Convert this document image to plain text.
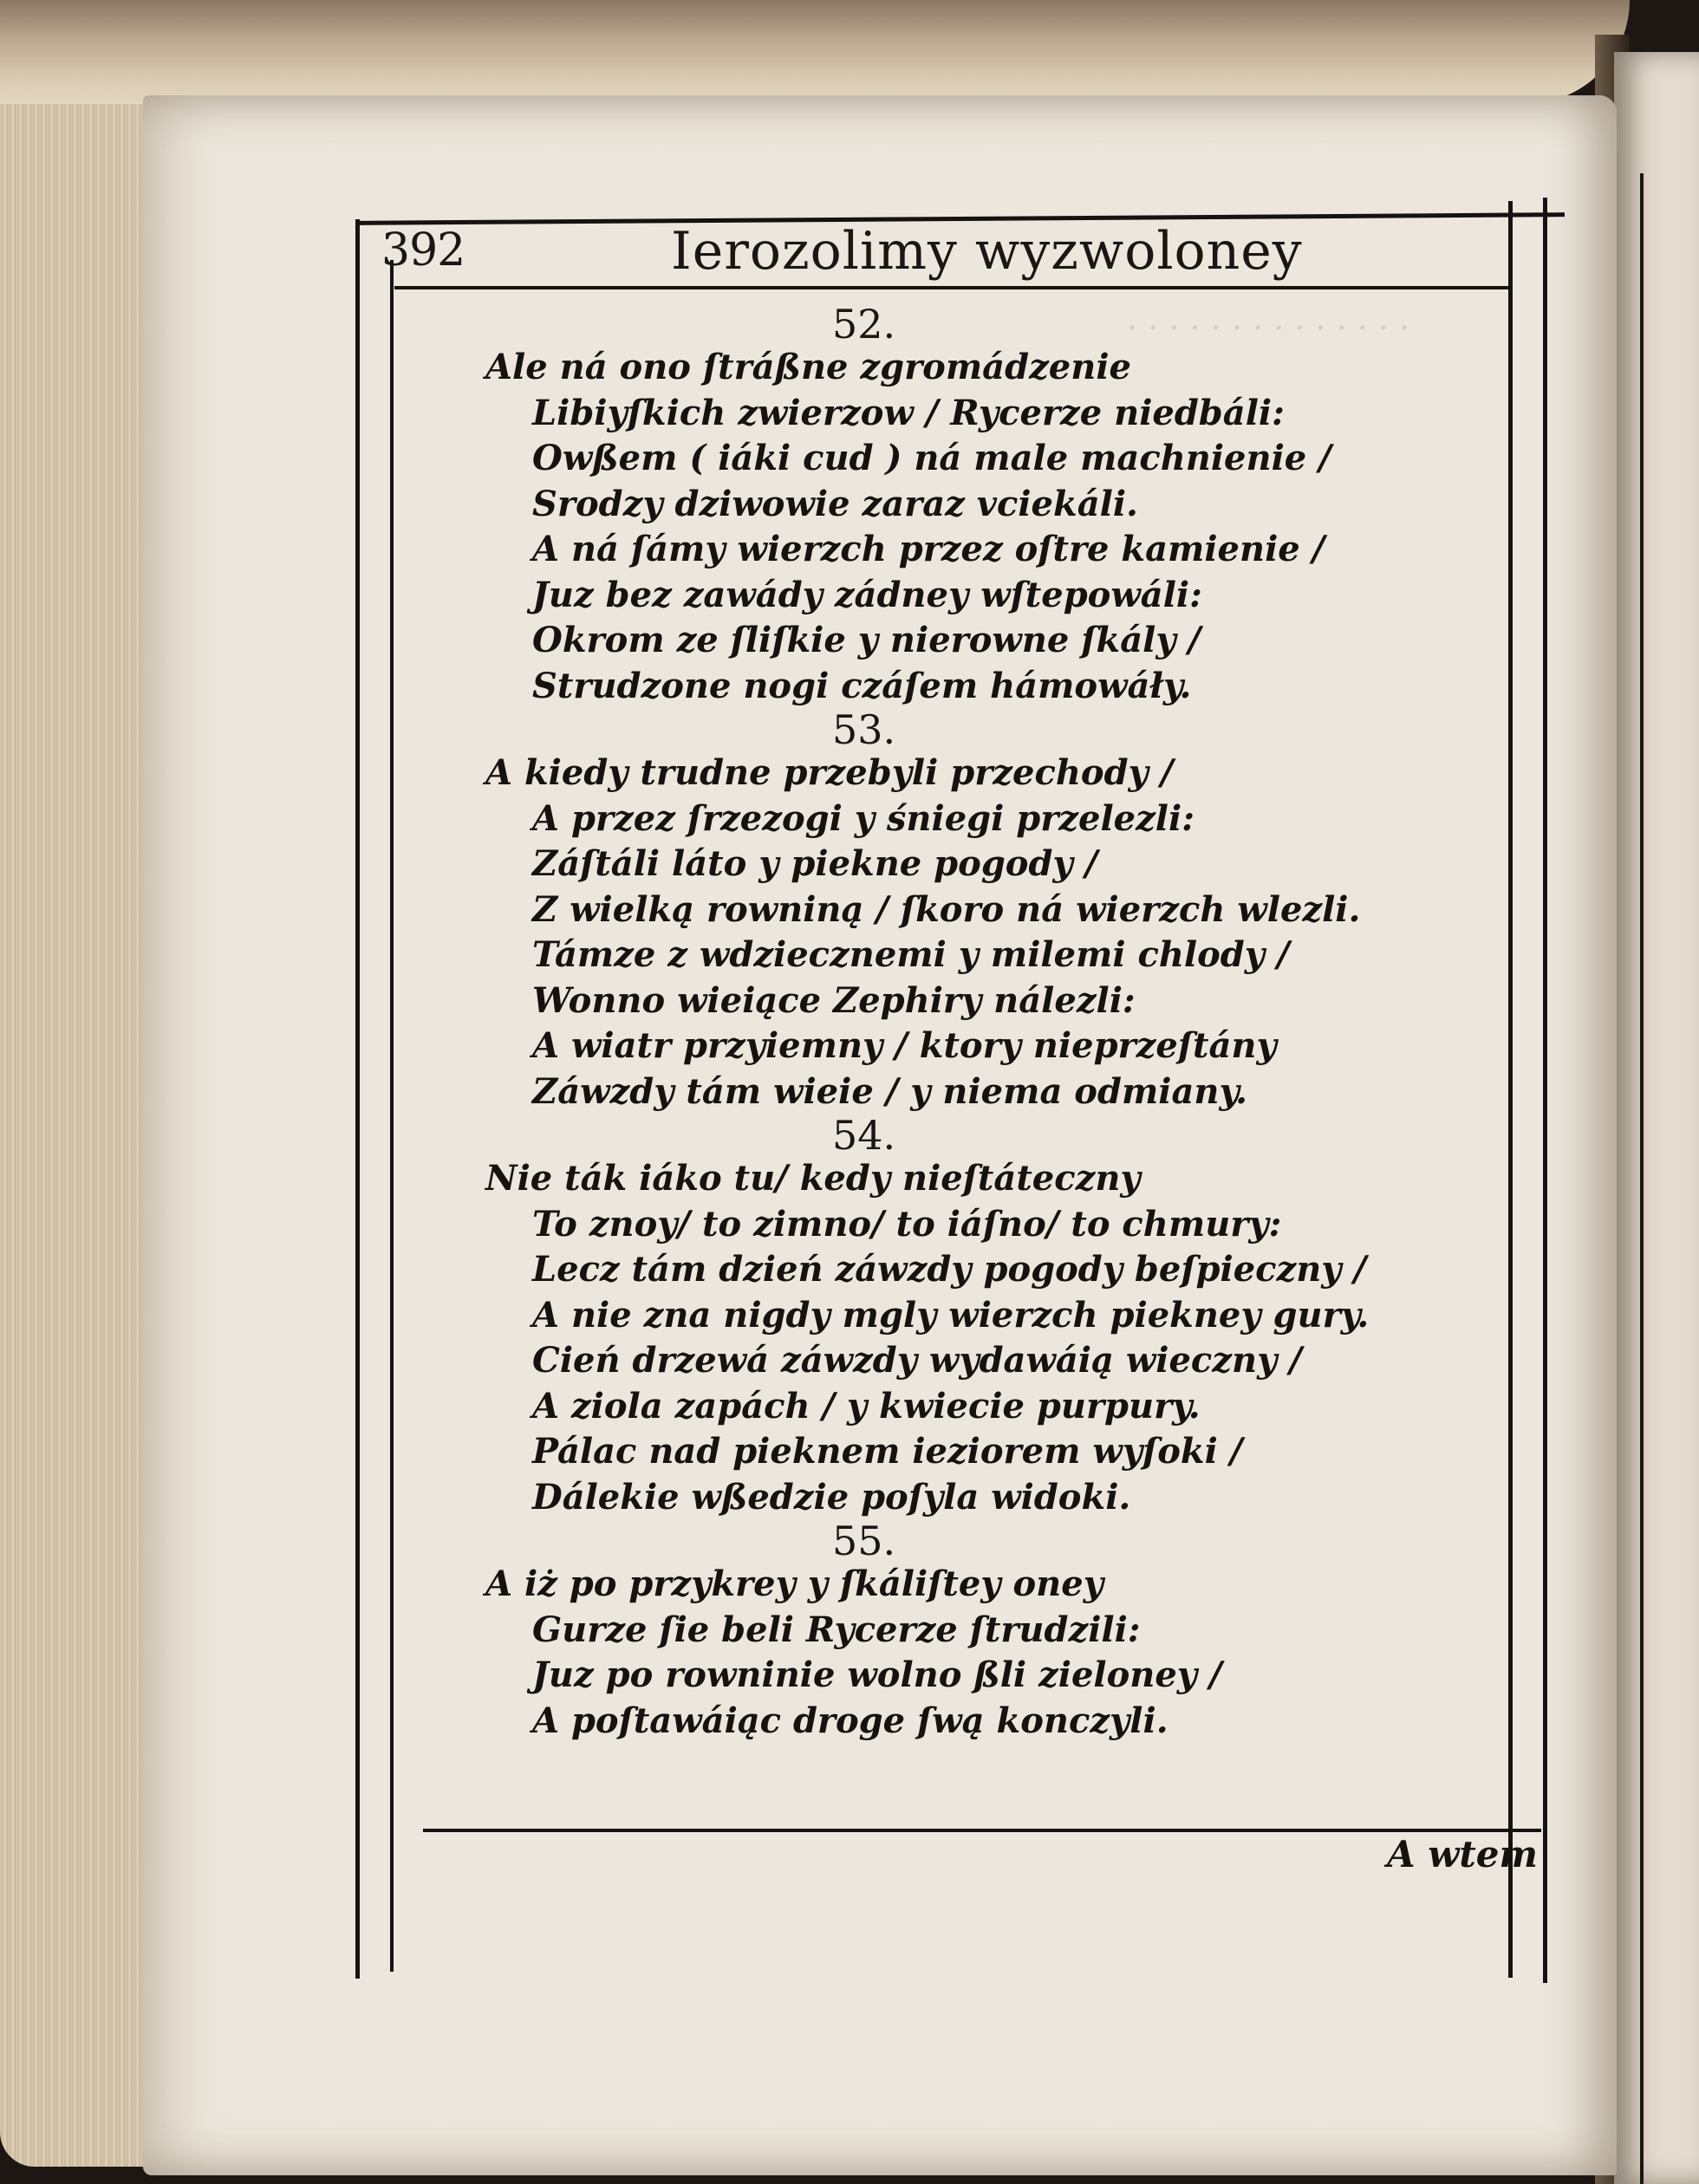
. . . . . . . . . . . . . .
392	Ierozolimy wyzwoloney
52.
Ale ná ono ſtráßne zgromádzenie
Libiyſkich zwierzow / Rycerze niedbáli:
Owßem ( iáki cud ) ná male machnienie /
Srodzy dziwowie zaraz vciekáli.
A ná ſámy wierzch przez oſtre kamienie /
Juz bez zawády zádney wſtepowáli:
Okrom ze ſliſkie y nierowne ſkály /
Strudzone nogi czáſem hámowáły.
53.
A kiedy trudne przebyli przechody /
A przez ſrzezogi y śniegi przelezli:
Záſtáli láto y piekne pogody /
Z wielką rowniną / ſkoro ná wierzch wlezli.
Támze z wdziecznemi y milemi chlody /
Wonno wieiące Zephiry nálezli:
A wiatr przyiemny / ktory nieprzeſtány
Záwzdy tám wieie / y niema odmiany.
54.
Nie ták iáko tu/ kedy nieſtáteczny
To znoy/ to zimno/ to iáſno/ to chmury:
Lecz tám dzień záwzdy pogody beſpieczny /
A nie zna nigdy mgly wierzch piekney gury.
Cień drzewá záwzdy wydawáią wieczny /
A ziola zapách / y kwiecie purpury.
Pálac nad pieknem ieziorem wyſoki /
Dálekie wßedzie poſyla widoki.
55.
A iż po przykrey y ſkáliſtey oney
Gurze ſie beli Rycerze ſtrudzili:
Juz po rowninie wolno ßli zieloney /
A poſtawáiąc droge ſwą konczyli.
A wtem
